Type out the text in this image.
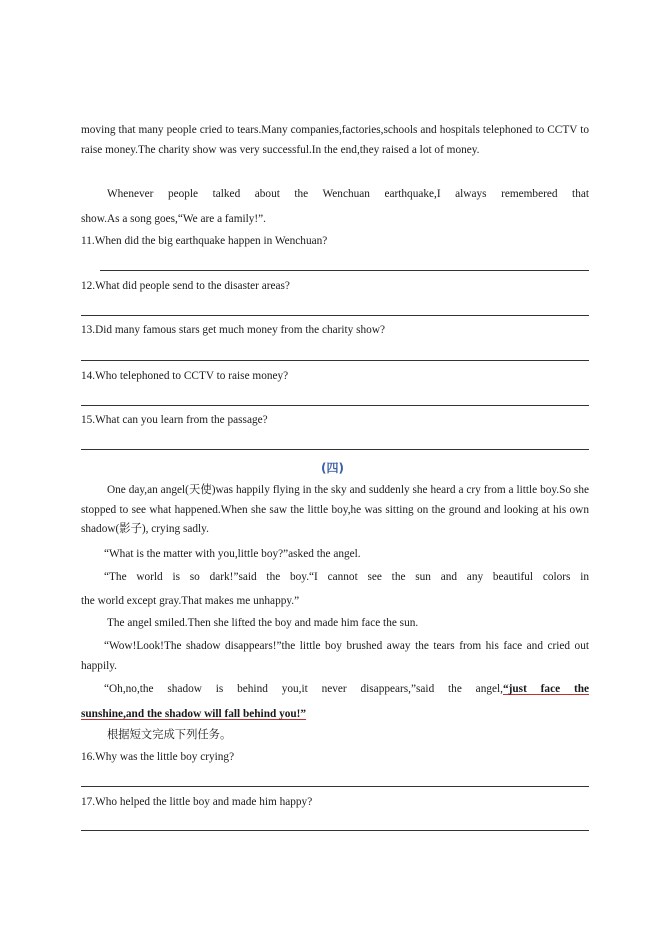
moving that many people cried to tears.Many companies,factories,schools and hospitals telephoned to CCTV to raise money.The charity show was very successful.In the end,they raised a lot of money.

Whenever people talked about the Wenchuan earthquake,I always remembered that

show.As a song goes,“We are a family!”.

11.When did the big earthquake happen in Wenchuan?

12.What did people send to the disaster areas?

13.Did many famous stars get much money from the charity show?

14.Who telephoned to CCTV to raise money?

15.What can you learn from the passage?

(四)

One day,an angel(天使)was happily flying in the sky and suddenly she heard a cry from a little boy.So she stopped to see what happened.When she saw the little boy,he was sitting on the ground and looking at his own shadow(影子), crying sadly.

“What is the matter with you,little boy?”asked the angel.

“The world is so dark!”said the boy.“I cannot see the sun and any beautiful colors in

the world except gray.That makes me unhappy.”

The angel smiled.Then she lifted the boy and made him face the sun.

“Wow!Look!The shadow disappears!”the little boy brushed away the tears from his face and cried out happily.

“Oh,no,the shadow is behind you,it never disappears,”said the angel,“just face the

sunshine,and the shadow will fall behind you!”

根据短文完成下列任务。

16.Why was the little boy crying?

17.Who helped the little boy and made him happy?
